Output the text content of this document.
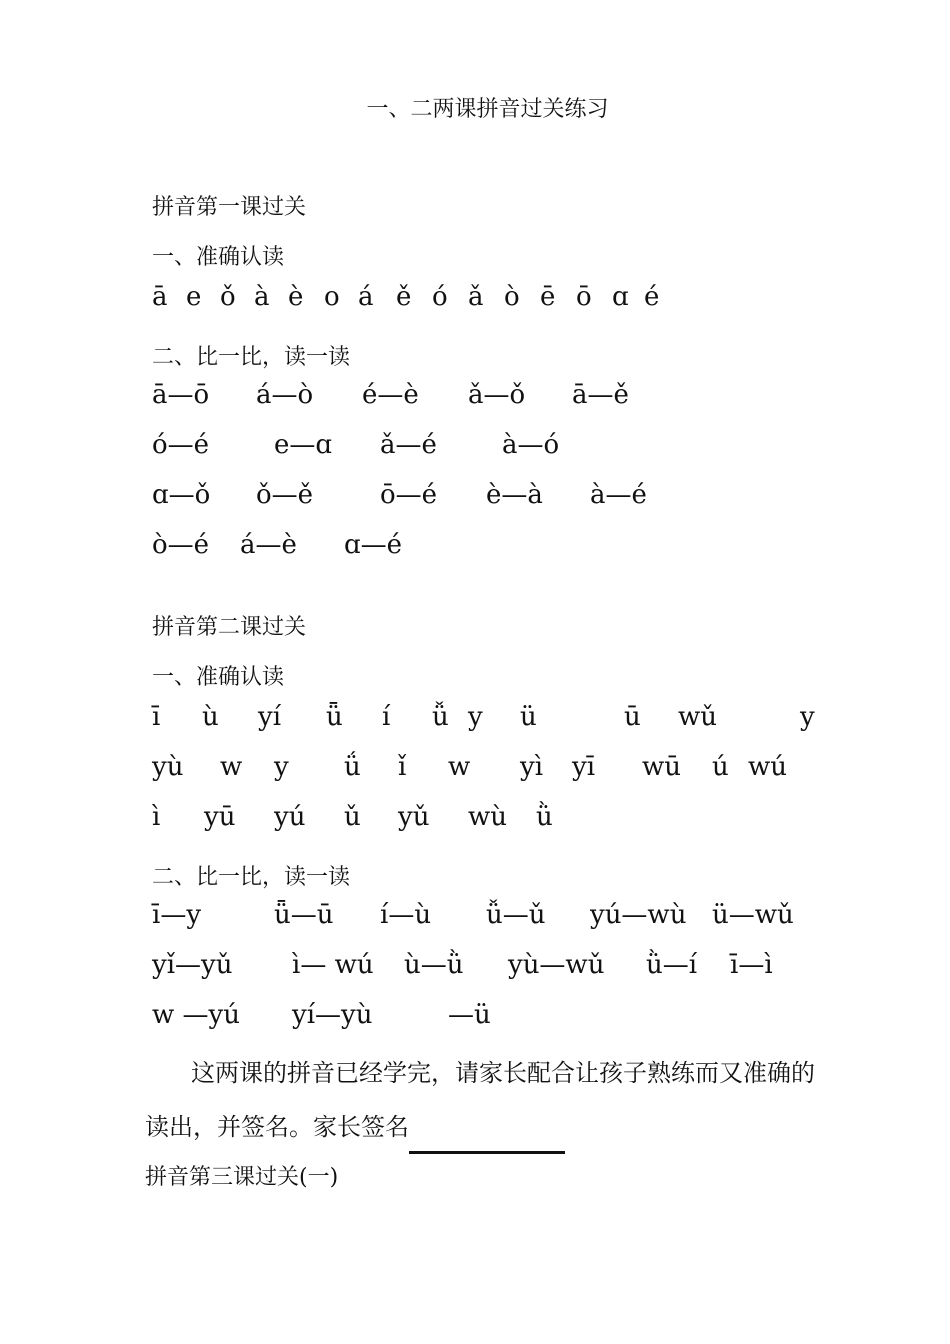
一、二两课拼音过关练习
拼音第一课过关
一、准确认读
ā e ǒ à è o á ě ó ǎ ò ē ō ɑ é
二、比一比，读一读
ā—ō á—ò é—è ǎ—ǒ ā—ě
ó—é e—ɑ ǎ—é	à—ó
ɑ—ǒ ǒ—ě	ō—é è—à à—é
ò—é á—è ɑ—é
拼音第二课过关
一、准确认读
ī ù yí ǖ í ǚ y ü	ū wǔ	y
yù w y ǘ ǐ w yì yī wū ú wú
ì yū yú ǔ yǔ wù ǜ
二、比一比，读一读
ī—y	ǖ—ū í—ù ǚ—ǔ yú—wù ü—wǔ
yǐ—yǔ ì— wú ù—ǜ yù—wǔ ǜ—í ī—ì
w —yú yí—yù	—ü
这两课的拼音已经学完，请家长配合让孩子熟练而又准确的
读出，并签名。家长签名
拼音第三课过关(一)
